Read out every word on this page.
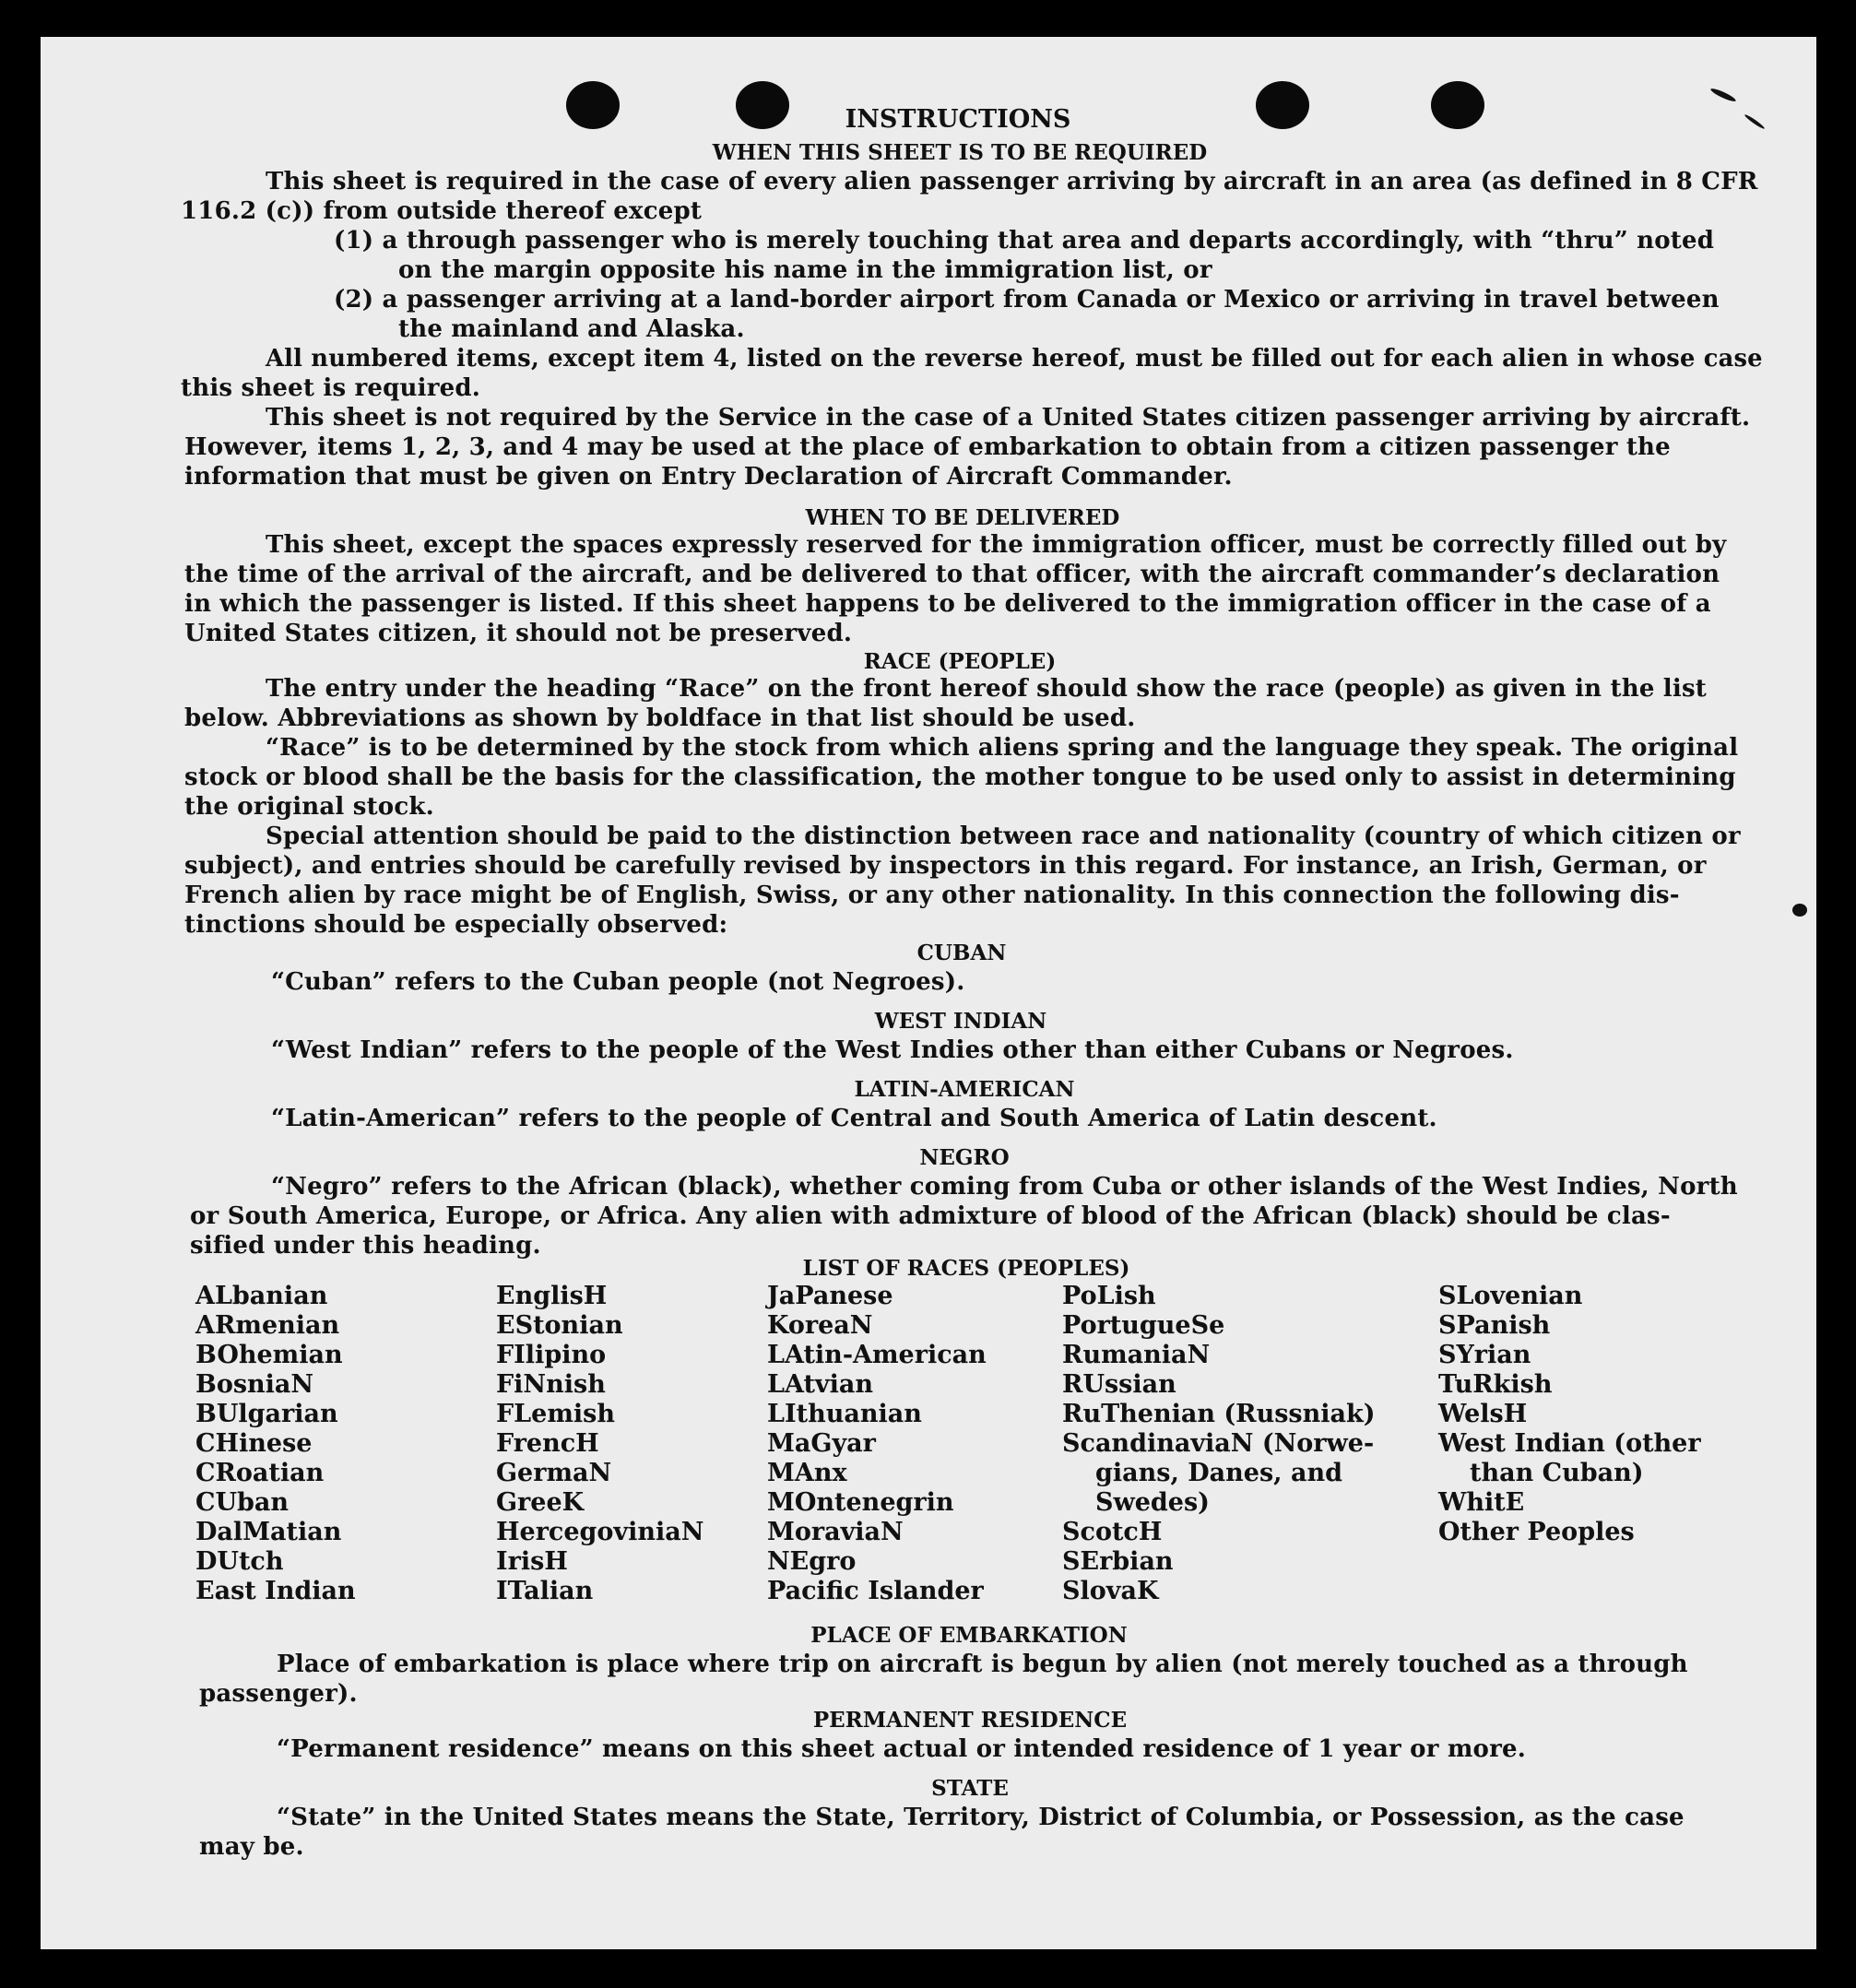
INSTRUCTIONS
WHEN THIS SHEET IS TO BE REQUIRED
This sheet is required in the case of every alien passenger arriving by aircraft in an area (as defined in 8 CFR
116.2 (c)) from outside thereof except
(1) a through passenger who is merely touching that area and departs accordingly, with “thru” noted
on the margin opposite his name in the immigration list, or
(2) a passenger arriving at a land-border airport from Canada or Mexico or arriving in travel between
the mainland and Alaska.
All numbered items, except item 4, listed on the reverse hereof, must be filled out for each alien in whose case
this sheet is required.
This sheet is not required by the Service in the case of a United States citizen passenger arriving by aircraft.
However, items 1, 2, 3, and 4 may be used at the place of embarkation to obtain from a citizen passenger the
information that must be given on Entry Declaration of Aircraft Commander.
WHEN TO BE DELIVERED
This sheet, except the spaces expressly reserved for the immigration officer, must be correctly filled out by
the time of the arrival of the aircraft, and be delivered to that officer, with the aircraft commander’s declaration
in which the passenger is listed. If this sheet happens to be delivered to the immigration officer in the case of a
United States citizen, it should not be preserved.
RACE (PEOPLE)
The entry under the heading “Race” on the front hereof should show the race (people) as given in the list
below. Abbreviations as shown by boldface in that list should be used.
“Race” is to be determined by the stock from which aliens spring and the language they speak. The original
stock or blood shall be the basis for the classification, the mother tongue to be used only to assist in determining
the original stock.
Special attention should be paid to the distinction between race and nationality (country of which citizen or
subject), and entries should be carefully revised by inspectors in this regard. For instance, an Irish, German, or
French alien by race might be of English, Swiss, or any other nationality. In this connection the following dis-
tinctions should be especially observed:
CUBAN
“Cuban” refers to the Cuban people (not Negroes).
WEST INDIAN
“West Indian” refers to the people of the West Indies other than either Cubans or Negroes.
LATIN-AMERICAN
“Latin-American” refers to the people of Central and South America of Latin descent.
NEGRO
“Negro” refers to the African (black), whether coming from Cuba or other islands of the West Indies, North
or South America, Europe, or Africa. Any alien with admixture of blood of the African (black) should be clas-
sified under this heading.
LIST OF RACES (PEOPLES)
ALbanian
ARmenian
BOhemian
BosniaN
BUlgarian
CHinese
CRoatian
CUban
DalMatian
DUtch
East Indian
EnglisH
EStonian
FIlipino
FiNnish
FLemish
FrencH
GermaN
GreeK
HercegoviniaN
IrisH
ITalian
JaPanese
KoreaN
LAtin-American
LAtvian
LIthuanian
MaGyar
MAnx
MOntenegrin
MoraviaN
NEgro
Pacific Islander
PoLish
PortugueSe
RumaniaN
RUssian
RuThenian (Russniak)
ScandinaviaN (Norwe-
gians, Danes, and
Swedes)
ScotcH
SErbian
SlovaK
SLovenian
SPanish
SYrian
TuRkish
WelsH
West Indian (other
than Cuban)
WhitE
Other Peoples
PLACE OF EMBARKATION
Place of embarkation is place where trip on aircraft is begun by alien (not merely touched as a through
passenger).
PERMANENT RESIDENCE
“Permanent residence” means on this sheet actual or intended residence of 1 year or more.
STATE
“State” in the United States means the State, Territory, District of Columbia, or Possession, as the case
may be.
